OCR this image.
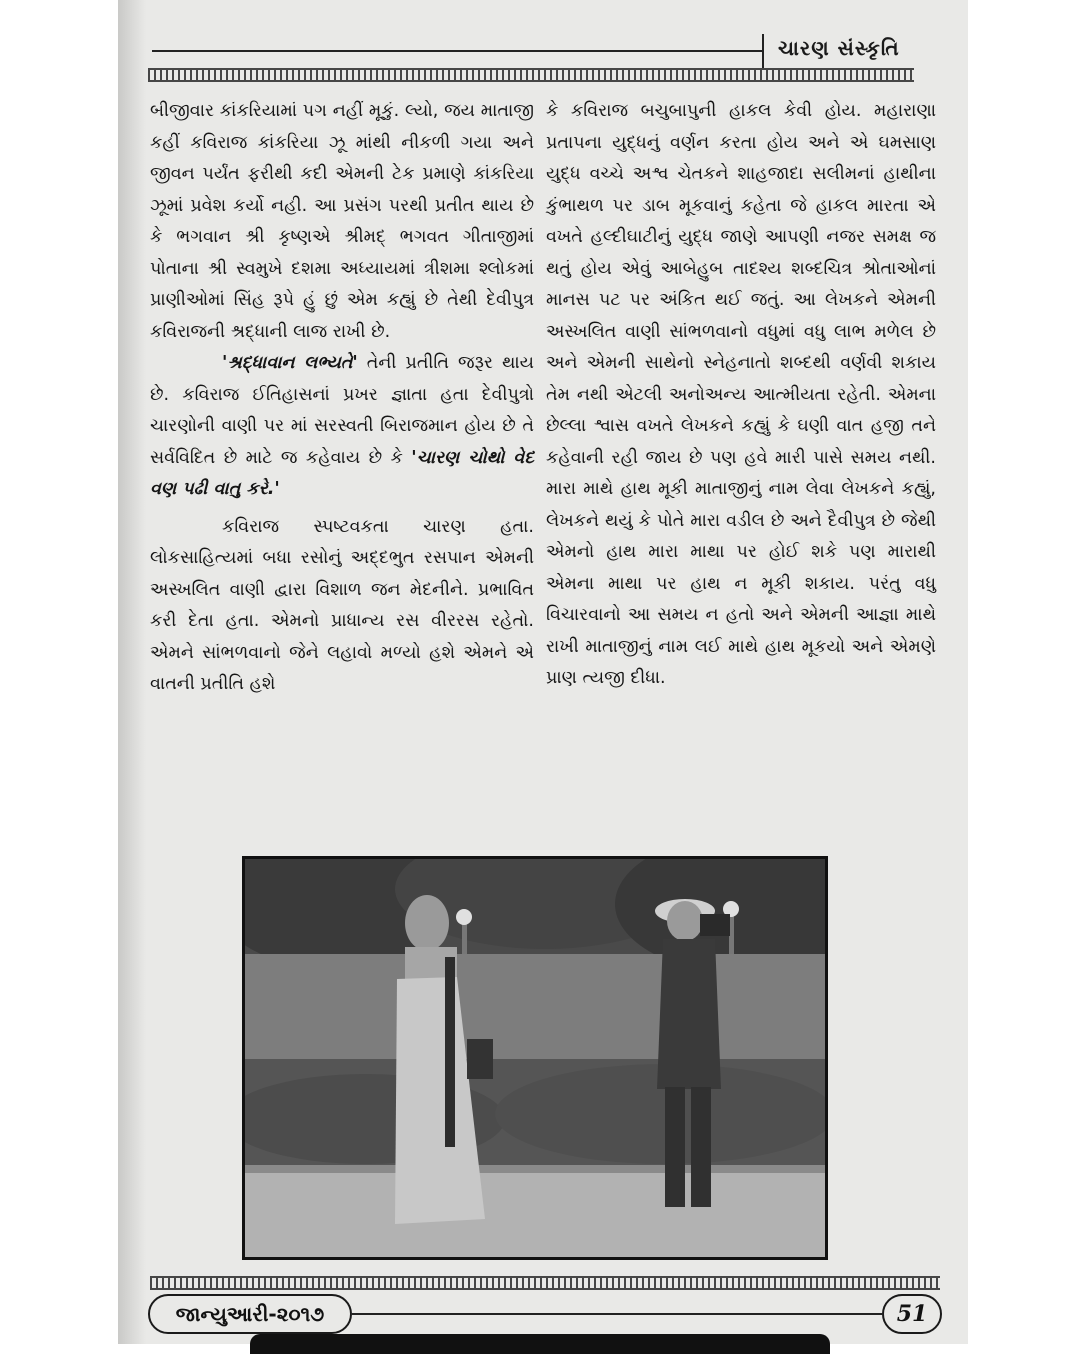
ચારણ સંસ્કૃતિ

બીજીવાર કાંકરિયામાં પગ નહીં મૂકું. લ્યો, જય માતાજી કહીં કવિરાજ કાંકરિયા ઝૂ માંથી નીકળી ગયા અને જીવન પર્યંત ફરીથી કદી એમની ટેક પ્રમાણે કાંકરિયા ઝૂમાં પ્રવેશ કર્યો નહી. આ પ્રસંગ પરથી પ્રતીત થાય છે કે ભગવાન શ્રી કૃષ્ણએ શ્રીમદ્ ભગવત ગીતાજીમાં પોતાના શ્રી સ્વમુખે દશમા અધ્યાયમાં ત્રીશમા શ્લોકમાં પ્રાણીઓમાં સિંહ રૂપે હું છું એમ કહ્યું છે તેથી દેવીપુત્ર કવિરાજની શ્રદ્ધાની લાજ રાખી છે.

'શ્રદ્ધાવાન લભ્યતે' તેની પ્રતીતિ જરૂર થાય છે. કવિરાજ ઈતિહાસનાં પ્રખર જ્ઞાતા હતા દેવીપુત્રો ચારણોની વાણી પર માં સરસ્વતી બિરાજમાન હોય છે તે સર્વવિદિત છે માટે જ કહેવાય છે કે 'ચારણ ચોથો વેદ વણ પઢી વાતુ કરે.'

કવિરાજ સ્પષ્ટવકતા ચારણ હતા. લોકસાહિત્યમાં બધા રસોનું અદ્દભુત રસપાન એમની અસ્ખલિત વાણી દ્વારા વિશાળ જન મેદનીને. પ્રભાવિત કરી દેતા હતા. એમનો પ્રાધાન્ય રસ વીરરસ રહેતો. એમને સાંભળવાનો જેને લહાવો મળ્યો હશે એમને એ વાતની પ્રતીતિ હશે

કે કવિરાજ બચુબાપુની હાકલ કેવી હોય. મહારાણા પ્રતાપના યુદ્ધનું વર્ણન કરતા હોય અને એ ઘમસાણ યુદ્ધ વચ્ચે અશ્વ ચેતકને શાહજાદા સલીમનાં હાથીના કુંભાથળ પર ડાબ મૂકવાનું કહેતા જે હાકલ મારતા એ વખતે હલ્દીઘાટીનું યુદ્ધ જાણે આપણી નજર સમક્ષ જ થતું હોય એવું આબેહુબ તાદશ્ય શબ્દચિત્ર શ્રોતાઓનાં માનસ પટ પર અંકિત થઈ જતું. આ લેખકને એમની અસ્ખલિત વાણી સાંભળવાનો વધુમાં વધુ લાભ મળેલ છે અને એમની સાથેનો સ્નેહનાતો શબ્દથી વર્ણવી શકાય તેમ નથી એટલી અનોઅન્ય આત્મીયતા રહેતી. એમના છેલ્લા શ્વાસ વખતે લેખકને કહ્યું કે ઘણી વાત હજી તને કહેવાની રહી જાય છે પણ હવે મારી પાસે સમય નથી. મારા માથે હાથ મૂકી માતાજીનું નામ લેવા લેખકને કહ્યું, લેખકને થયું કે પોતે મારા વડીલ છે અને દૈવીપુત્ર છે જેથી એમનો હાથ મારા માથા પર હોઈ શકે પણ મારાથી એમના માથા પર હાથ ન મૂકી શકાય. પરંતુ વધુ વિચારવાનો આ સમય ન હતો અને એમની આજ્ઞા માથે રાખી માતાજીનું નામ લઈ માથે હાથ મૂકયો અને એમણે પ્રાણ ત્યજી દીધા.

જાન્યુઆરી-૨૦૧૭	51
